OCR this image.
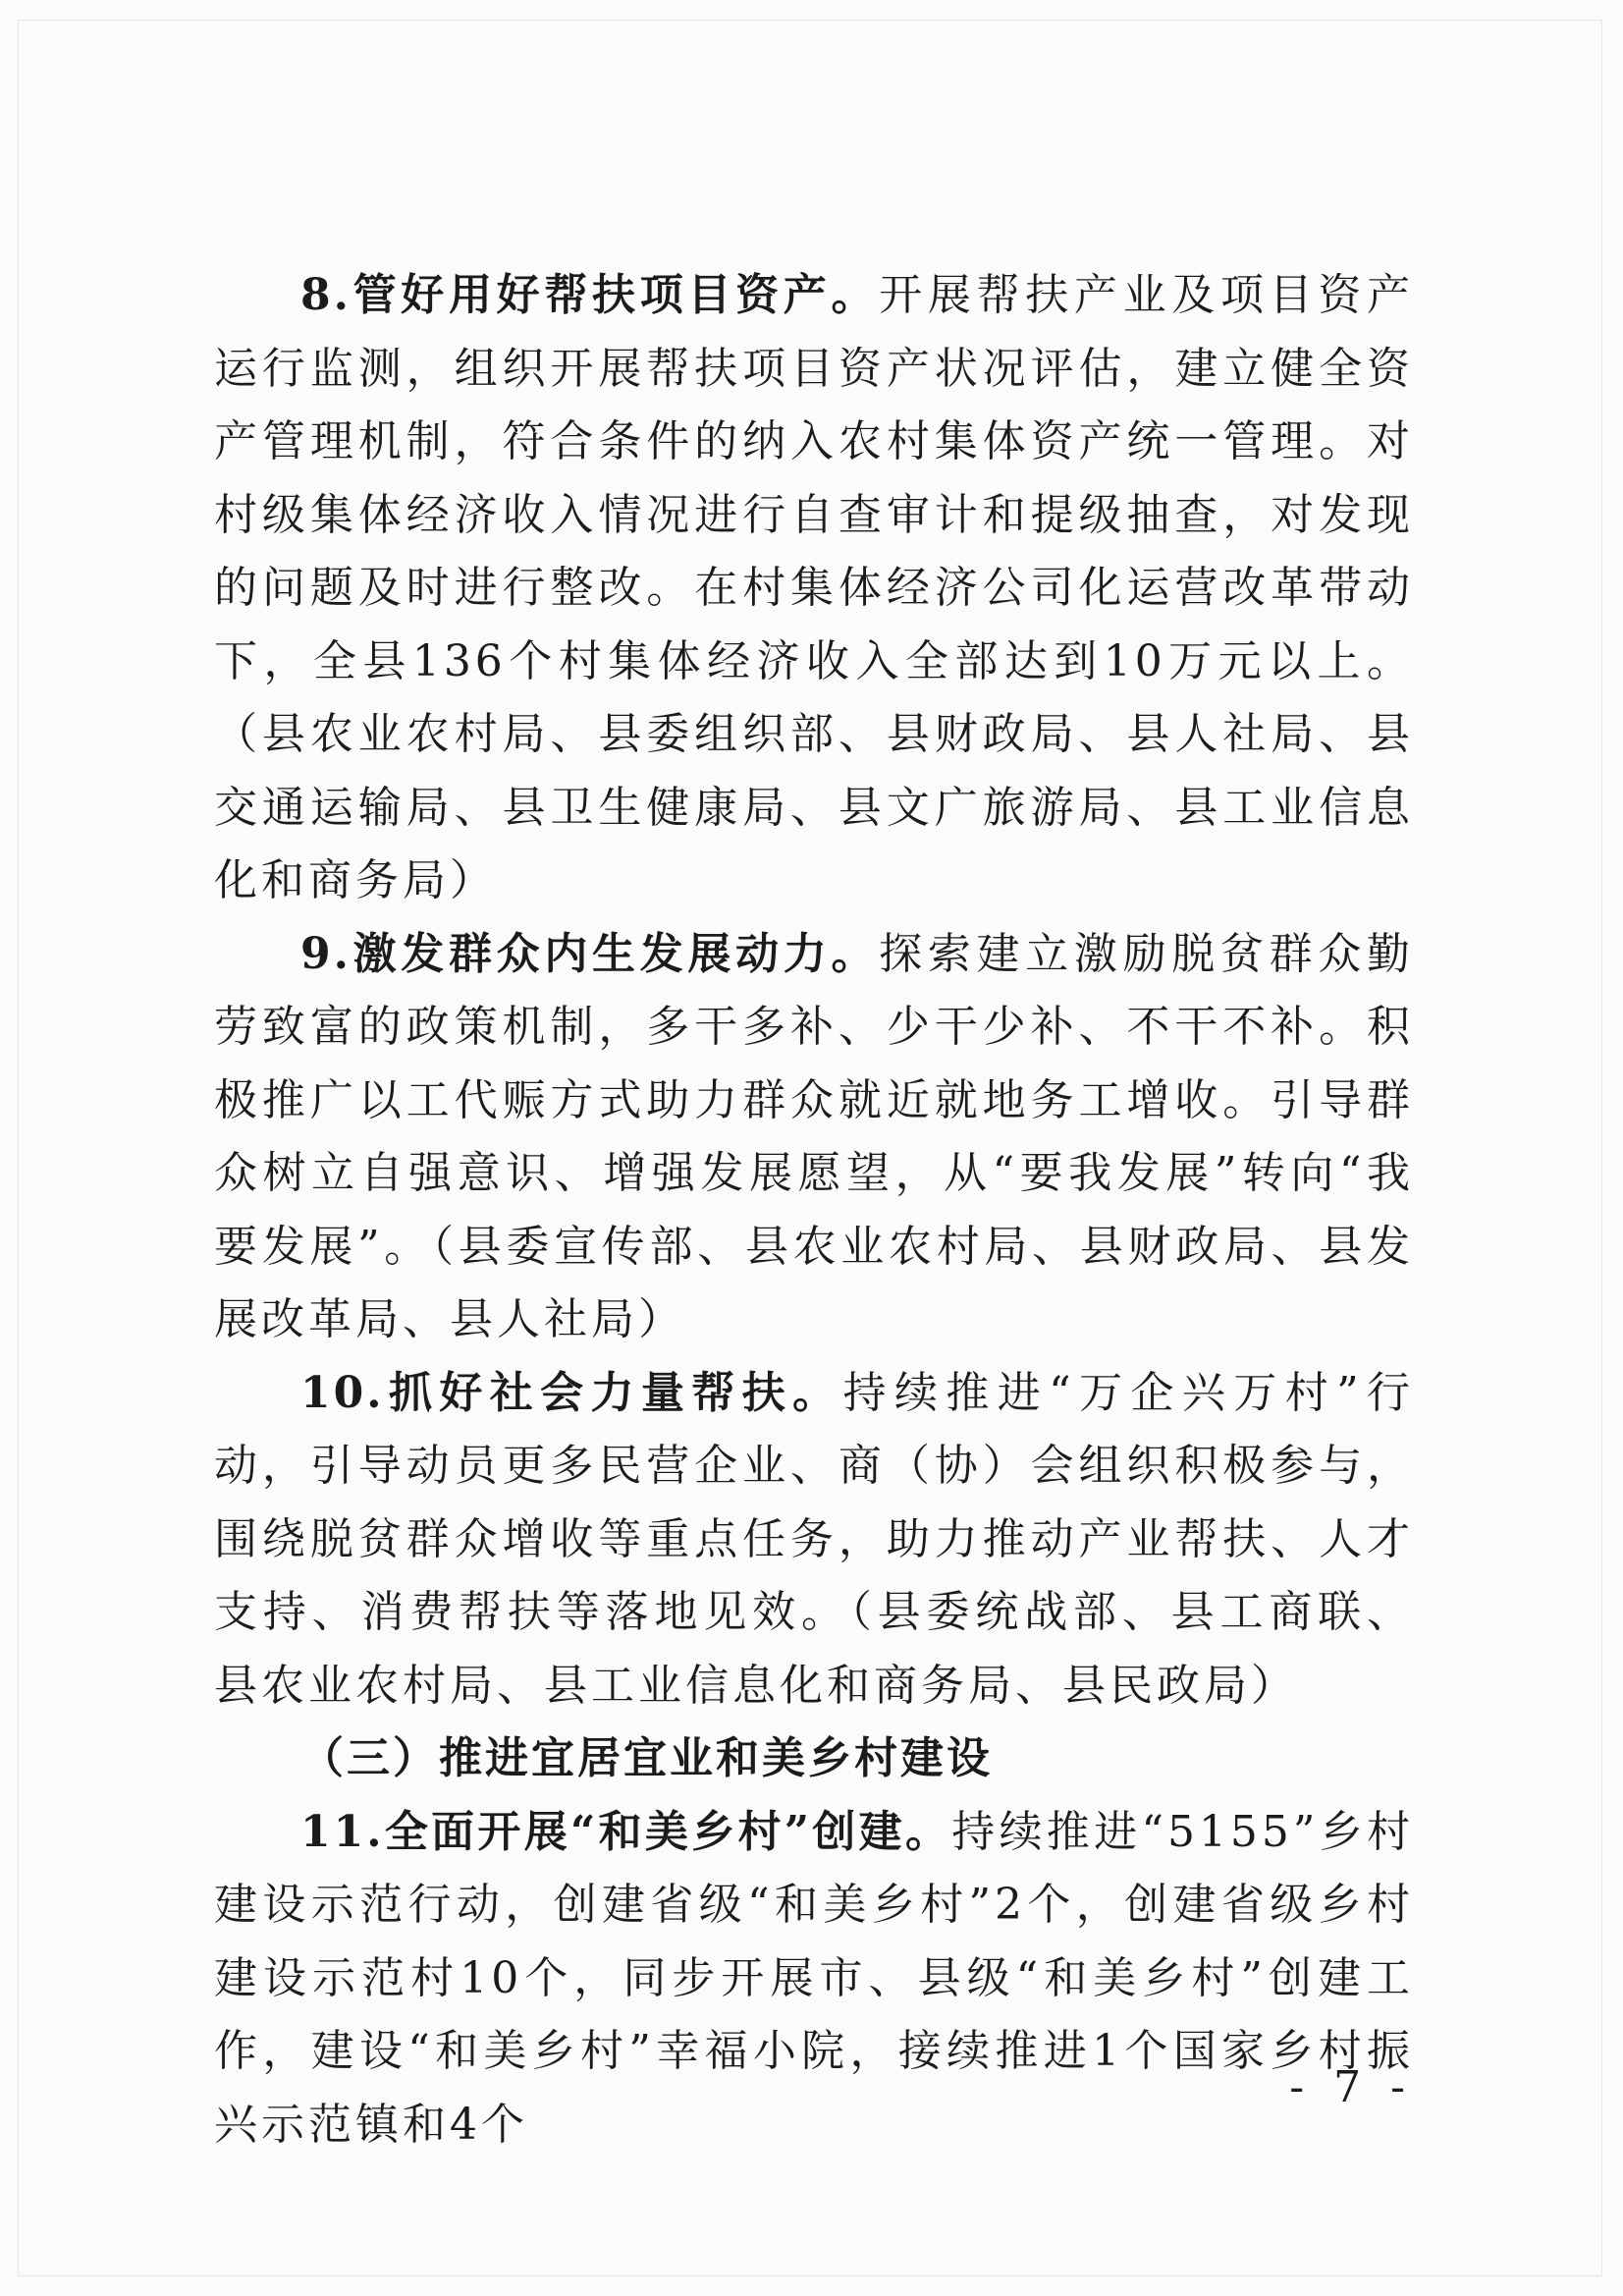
8.管好用好帮扶项目资产。开展帮扶产业及项目资产运行监测，组织开展帮扶项目资产状况评估，建立健全资产管理机制，符合条件的纳入农村集体资产统一管理。对村级集体经济收入情况进行自查审计和提级抽查，对发现的问题及时进行整改。在村集体经济公司化运营改革带动下，全县136个村集体经济收入全部达到10万元以上。（县农业农村局、县委组织部、县财政局、县人社局、县交通运输局、县卫生健康局、县文广旅游局、县工业信息化和商务局）

9.激发群众内生发展动力。探索建立激励脱贫群众勤劳致富的政策机制，多干多补、少干少补、不干不补。积极推广以工代赈方式助力群众就近就地务工增收。引导群众树立自强意识、增强发展愿望，从“要我发展”转向“我要发展”。（县委宣传部、县农业农村局、县财政局、县发展改革局、县人社局）

10.抓好社会力量帮扶。持续推进“万企兴万村”行动，引导动员更多民营企业、商（协）会组织积极参与，围绕脱贫群众增收等重点任务，助力推动产业帮扶、人才支持、消费帮扶等落地见效。（县委统战部、县工商联、县农业农村局、县工业信息化和商务局、县民政局）

（三）推进宜居宜业和美乡村建设

11.全面开展“和美乡村”创建。持续推进“5155”乡村建设示范行动，创建省级“和美乡村”2个，创建省级乡村建设示范村10个，同步开展市、县级“和美乡村”创建工作，建设“和美乡村”幸福小院，接续推进1个国家乡村振兴示范镇和4个

- 7 -
